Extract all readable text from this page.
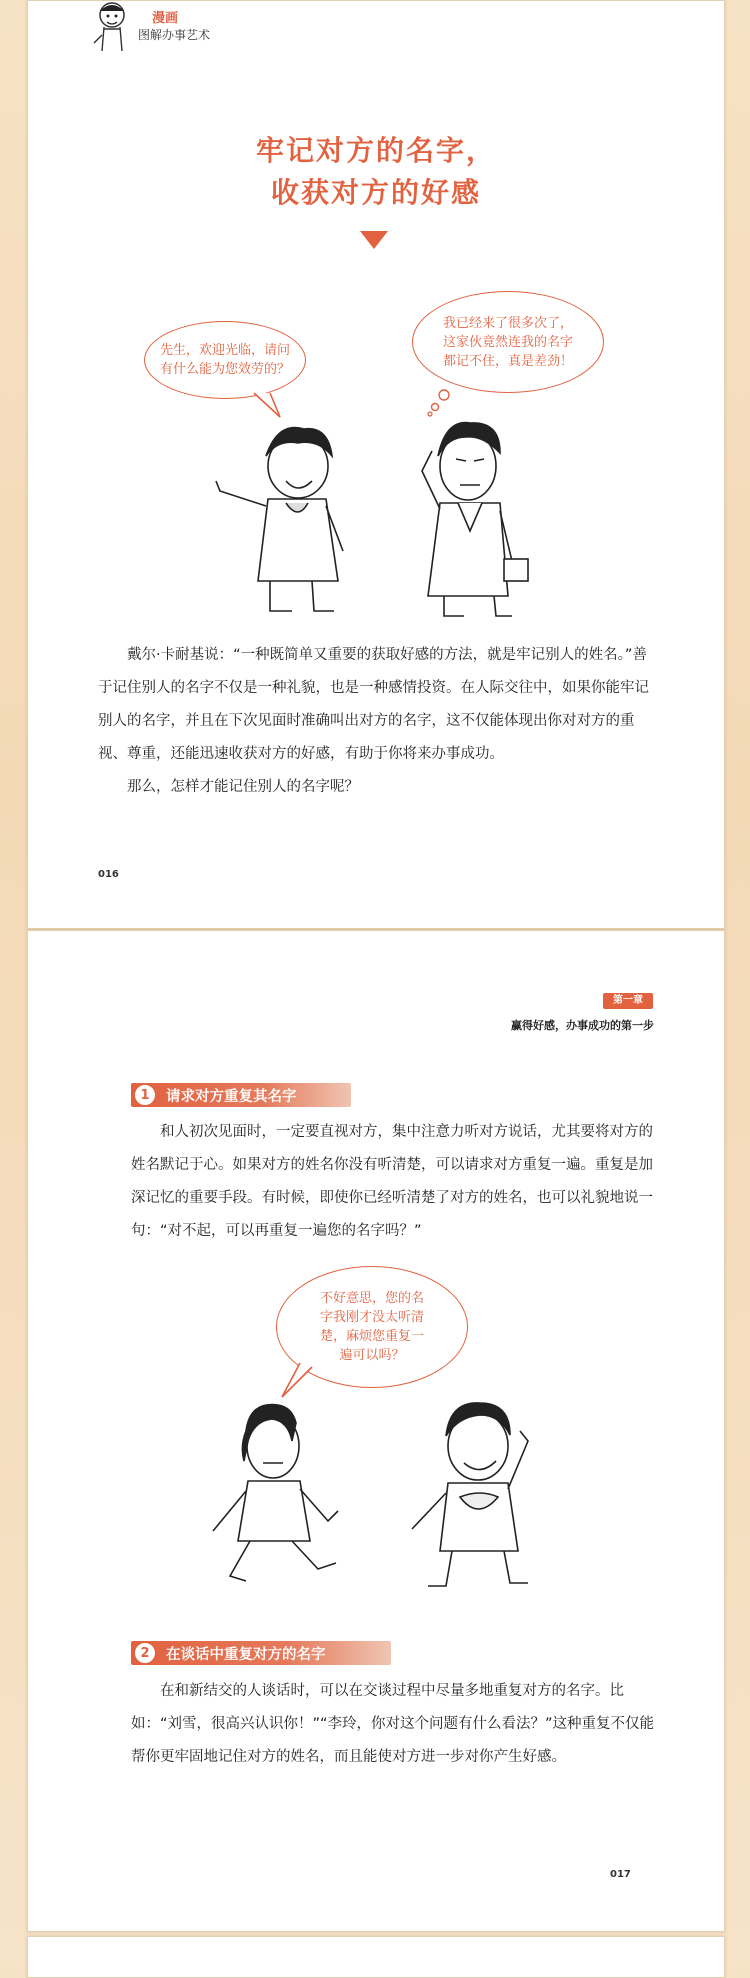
漫画
图解办事艺术
牢记对方的名字，
收获对方的好感
先生，欢迎光临，请问
有什么能为您效劳的？
我已经来了很多次了，
这家伙竟然连我的名字
都记不住，真是差劲！

戴尔·卡耐基说：“一种既简单又重要的获取好感的方法，就是牢记别人的姓名。”善于记住别人的名字不仅是一种礼貌，也是一种感情投资。在人际交往中，如果你能牢记别人的名字，并且在下次见面时准确叫出对方的名字，这不仅能体现出你对对方的重视、尊重，还能迅速收获对方的好感，有助于你将来办事成功。

那么，怎样才能记住别人的名字呢？

016
第一章
赢得好感，办事成功的第一步
1	请求对方重复其名字

和人初次见面时，一定要直视对方，集中注意力听对方说话，尤其要将对方的姓名默记于心。如果对方的姓名你没有听清楚，可以请求对方重复一遍。重复是加深记忆的重要手段。有时候，即使你已经听清楚了对方的姓名，也可以礼貌地说一句：“对不起，可以再重复一遍您的名字吗？”

不好意思，您的名
字我刚才没太听清
楚，麻烦您重复一
遍可以吗？
2	在谈话中重复对方的名字

在和新结交的人谈话时，可以在交谈过程中尽量多地重复对方的名字。比如：“刘雪，很高兴认识你！”“李玲，你对这个问题有什么看法？”这种重复不仅能帮你更牢固地记住对方的姓名，而且能使对方进一步对你产生好感。

017
